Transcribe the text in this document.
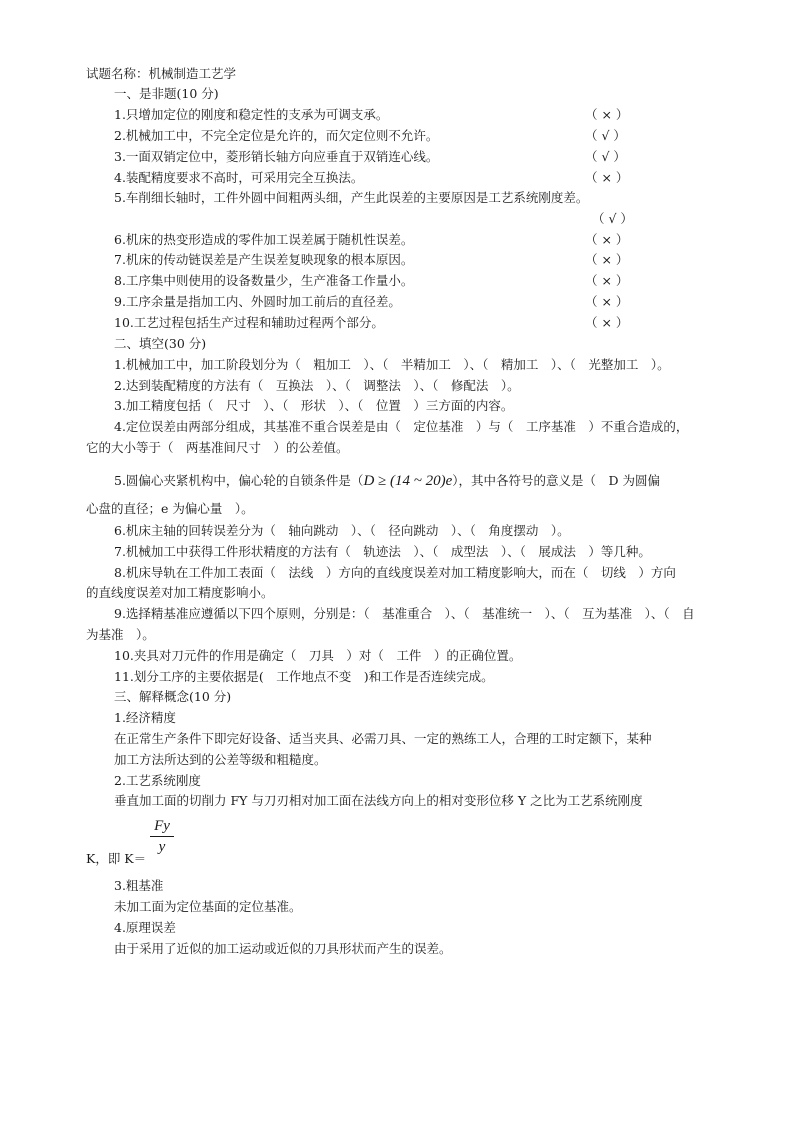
试题名称：机械制造工艺学
一、是非题(10 分)
1.只增加定位的刚度和稳定性的支承为可调支承。	（ × ）
2.机械加工中，不完全定位是允许的，而欠定位则不允许。	（ √ ）
3.一面双销定位中，菱形销长轴方向应垂直于双销连心线。	（ √ ）
4.装配精度要求不高时，可采用完全互换法。	（ × ）
5.车削细长轴时，工件外圆中间粗两头细，产生此误差的主要原因是工艺系统刚度差。
（ √ ）
6.机床的热变形造成的零件加工误差属于随机性误差。	（ × ）
7.机床的传动链误差是产生误差复映现象的根本原因。	（ × ）
8.工序集中则使用的设备数量少，生产准备工作量小。	（ × ）
9.工序余量是指加工内、外圆时加工前后的直径差。	（ × ）
10.工艺过程包括生产过程和辅助过程两个部分。	（ × ）
二、填空(30 分)
1.机械加工中，加工阶段划分为（　粗加工　）、（　半精加工　）、（　精加工　）、（　光整加工　）。
2.达到装配精度的方法有（　互换法　）、（　调整法　）、（　修配法　）。
3.加工精度包括（　尺寸　）、（　形状　）、（　位置　）三方面的内容。
4.定位误差由两部分组成，其基准不重合误差是由（　定位基准　）与（　工序基准　）不重合造成的，
它的大小等于（　两基准间尺寸　）的公差值。
5.圆偏心夹紧机构中，偏心轮的自锁条件是（D ≥ (14 ~ 20)e），其中各符号的意义是（　D 为圆偏
心盘的直径；e 为偏心量　）。
6.机床主轴的回转误差分为（　轴向跳动　）、（　径向跳动　）、（　角度摆动　）。
7.机械加工中获得工件形状精度的方法有（　轨迹法　）、（　成型法　）、（　展成法　）等几种。
8.机床导轨在工件加工表面（　法线　）方向的直线度误差对加工精度影响大，而在（　切线　）方向
的直线度误差对加工精度影响小。
9.选择精基准应遵循以下四个原则，分别是：（　基准重合　）、（　基准统一　）、（　互为基准　）、（　自
为基准　）。
10.夹具对刀元件的作用是确定（　刀具　）对（　工件　）的正确位置。
11.划分工序的主要依据是(　工作地点不变　)和工作是否连续完成。
三、解释概念(10 分)
1.经济精度
在正常生产条件下即完好设备、适当夹具、必需刀具、一定的熟练工人，合理的工时定额下，某种
加工方法所达到的公差等级和粗糙度。
2.工艺系统刚度
垂直加工面的切削力 FY 与刀刃相对加工面在法线方向上的相对变形位移 Y 之比为工艺系统刚度
Fy
y
K，即 K＝
3.粗基准
未加工面为定位基面的定位基准。
4.原理误差
由于采用了近似的加工运动或近似的刀具形状而产生的误差。
